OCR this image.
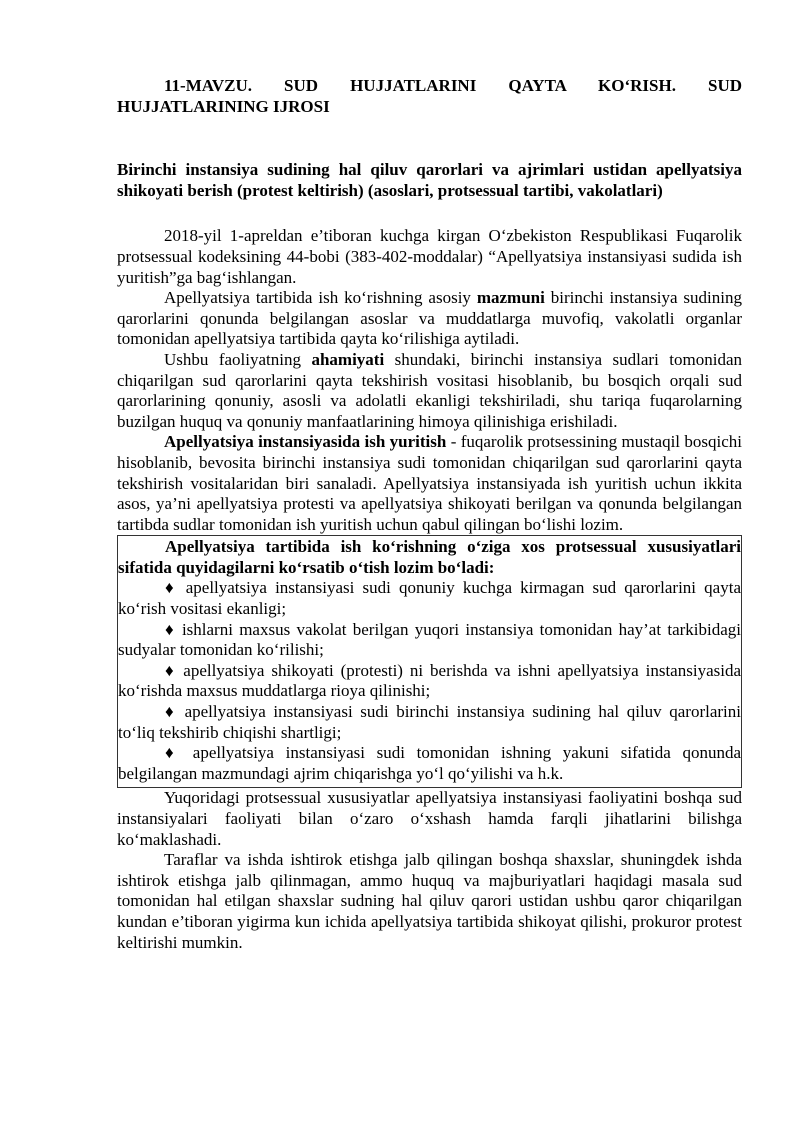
11-MAVZU. SUD HUJJATLARINI QAYTA KO‘RISH. SUD HUJJATLARINING IJROSI

Birinchi instansiya sudining hal qiluv qarorlari va ajrimlari ustidan apellyatsiya shikoyati berish (protest keltirish) (asoslari, protsessual tartibi, vakolatlari)

2018-yil 1-apreldan e’tiboran kuchga kirgan O‘zbekiston Respublikasi Fuqarolik protsessual kodeksining 44-bobi (383-402-moddalar) “Apellyatsiya instansiyasi sudida ish yuritish”ga bag‘ishlangan.

Apellyatsiya tartibida ish ko‘rishning asosiy mazmuni birinchi instansiya sudining qarorlarini qonunda belgilangan asoslar va muddatlarga muvofiq, vakolatli organlar tomonidan apellyatsiya tartibida qayta ko‘rilishiga aytiladi.

Ushbu faoliyatning ahamiyati shundaki, birinchi instansiya sudlari tomonidan chiqarilgan sud qarorlarini qayta tekshirish vositasi hisoblanib, bu bosqich orqali sud qarorlarining qonuniy, asosli va adolatli ekanligi tekshiriladi, shu tariqa fuqarolarning buzilgan huquq va qonuniy manfaatlarining himoya qilinishiga erishiladi.

Apellyatsiya instansiyasida ish yuritish - fuqarolik protsessining mustaqil bosqichi hisoblanib, bevosita birinchi instansiya sudi tomonidan chiqarilgan sud qarorlarini qayta tekshirish vositalaridan biri sanaladi. Apellyatsiya instansiyada ish yuritish uchun ikkita asos, ya’ni apellyatsiya protesti va apellyatsiya shikoyati berilgan va qonunda belgilangan tartibda sudlar tomonidan ish yuritish uchun qabul qilingan bo‘lishi lozim.

Apellyatsiya tartibida ish ko‘rishning o‘ziga xos protsessual xususiyatlari sifatida quyidagilarni ko‘rsatib o‘tish lozim bo‘ladi:

♦ apellyatsiya instansiyasi sudi qonuniy kuchga kirmagan sud qarorlarini qayta ko‘rish vositasi ekanligi;

♦ ishlarni maxsus vakolat berilgan yuqori instansiya tomonidan hay’at tarkibidagi sudyalar tomonidan ko‘rilishi;

♦ apellyatsiya shikoyati (protesti) ni berishda va ishni apellyatsiya instansiyasida ko‘rishda maxsus muddatlarga rioya qilinishi;

♦ apellyatsiya instansiyasi sudi birinchi instansiya sudining hal qiluv qarorlarini to‘liq tekshirib chiqishi shartligi;

♦ apellyatsiya instansiyasi sudi tomonidan ishning yakuni sifatida qonunda belgilangan mazmundagi ajrim chiqarishga yo‘l qo‘yilishi va h.k.

Yuqoridagi protsessual xususiyatlar apellyatsiya instansiyasi faoliyatini boshqa sud instansiyalari faoliyati bilan o‘zaro o‘xshash hamda farqli jihatlarini bilishga ko‘maklashadi.

Taraflar va ishda ishtirok etishga jalb qilingan boshqa shaxslar, shuningdek ishda ishtirok etishga jalb qilinmagan, ammo huquq va majburiyatlari haqidagi masala sud tomonidan hal etilgan shaxslar sudning hal qiluv qarori ustidan ushbu qaror chiqarilgan kundan e’tiboran yigirma kun ichida apellyatsiya tartibida shikoyat qilishi, prokuror protest keltirishi mumkin.
